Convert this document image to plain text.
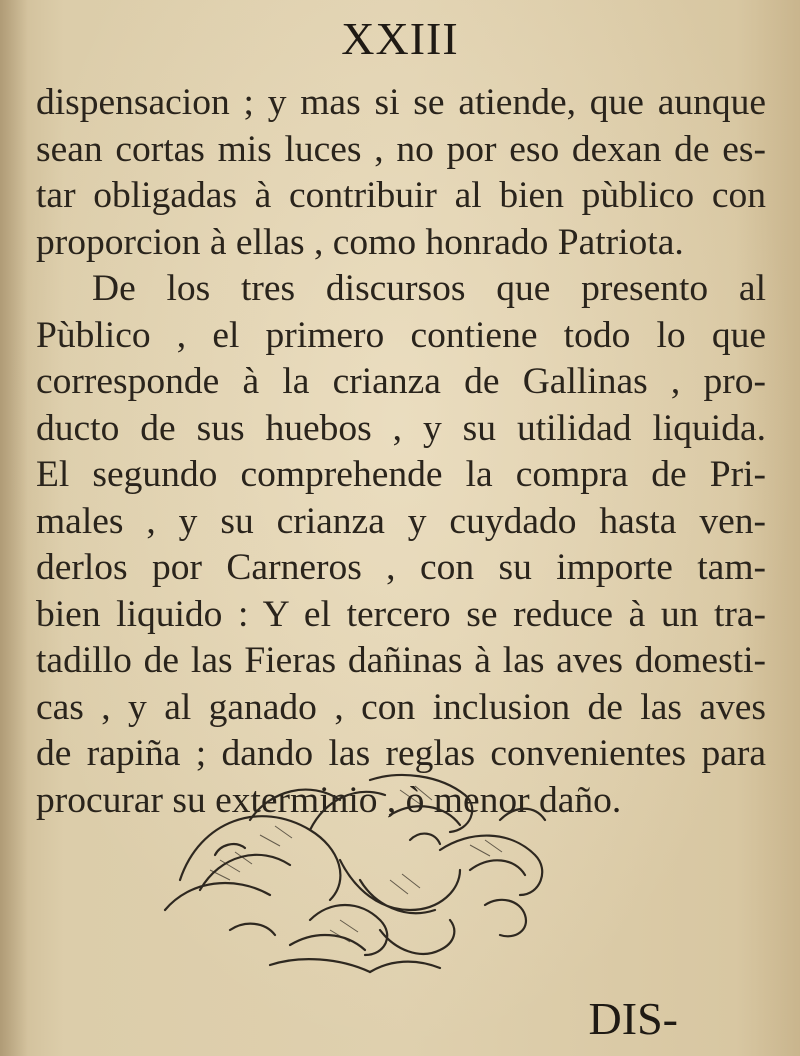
XXIII
dispensacion ; y mas si se atiende, que aunque
sean cortas mis luces , no por eso dexan de es-
tar obligadas à contribuir al bien pùblico con
proporcion à ellas , como honrado Patriota.
De los tres discursos que presento al
Pùblico , el primero contiene todo lo que
corresponde à la crianza de Gallinas , pro-
ducto de sus huebos , y su utilidad liquida.
El segundo comprehende la compra de Pri-
males , y su crianza y cuydado hasta ven-
derlos por Carneros , con su importe tam-
bien liquido : Y el tercero se reduce à un tra-
tadillo de las Fieras dañinas à las aves domesti-
cas , y al ganado , con inclusion de las aves
de rapiña ; dando las reglas convenientes para
procurar su exterminio , ò menor daño.
DIS-
